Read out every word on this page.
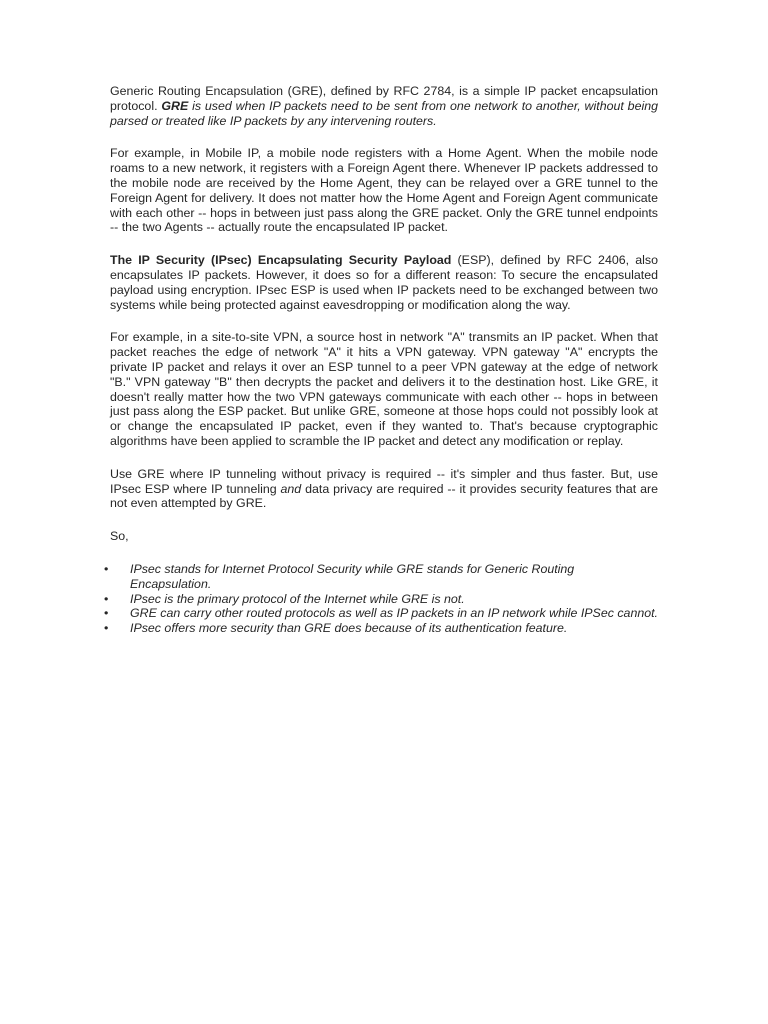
Generic Routing Encapsulation (GRE), defined by RFC 2784, is a simple IP packet encapsulation protocol. GRE is used when IP packets need to be sent from one network to another, without being parsed or treated like IP packets by any intervening routers.

For example, in Mobile IP, a mobile node registers with a Home Agent. When the mobile node roams to a new network, it registers with a Foreign Agent there. Whenever IP packets addressed to the mobile node are received by the Home Agent, they can be relayed over a GRE tunnel to the Foreign Agent for delivery. It does not matter how the Home Agent and Foreign Agent communicate with each other -- hops in between just pass along the GRE packet. Only the GRE tunnel endpoints -- the two Agents -- actually route the encapsulated IP packet.

The IP Security (IPsec) Encapsulating Security Payload (ESP), defined by RFC 2406, also encapsulates IP packets. However, it does so for a different reason: To secure the encapsulated payload using encryption. IPsec ESP is used when IP packets need to be exchanged between two systems while being protected against eavesdropping or modification along the way.

For example, in a site-to-site VPN, a source host in network "A" transmits an IP packet. When that packet reaches the edge of network "A" it hits a VPN gateway. VPN gateway "A" encrypts the private IP packet and relays it over an ESP tunnel to a peer VPN gateway at the edge of network "B." VPN gateway "B" then decrypts the packet and delivers it to the destination host. Like GRE, it doesn't really matter how the two VPN gateways communicate with each other -- hops in between just pass along the ESP packet. But unlike GRE, someone at those hops could not possibly look at or change the encapsulated IP packet, even if they wanted to. That's because cryptographic algorithms have been applied to scramble the IP packet and detect any modification or replay.

Use GRE where IP tunneling without privacy is required -- it's simpler and thus faster. But, use IPsec ESP where IP tunneling and data privacy are required -- it provides security features that are not even attempted by GRE.

So,

• IPsec stands for Internet Protocol Security while GRE stands for Generic Routing Encapsulation.
• IPsec is the primary protocol of the Internet while GRE is not.
• GRE can carry other routed protocols as well as IP packets in an IP network while IPSec cannot.
• IPsec offers more security than GRE does because of its authentication feature.
